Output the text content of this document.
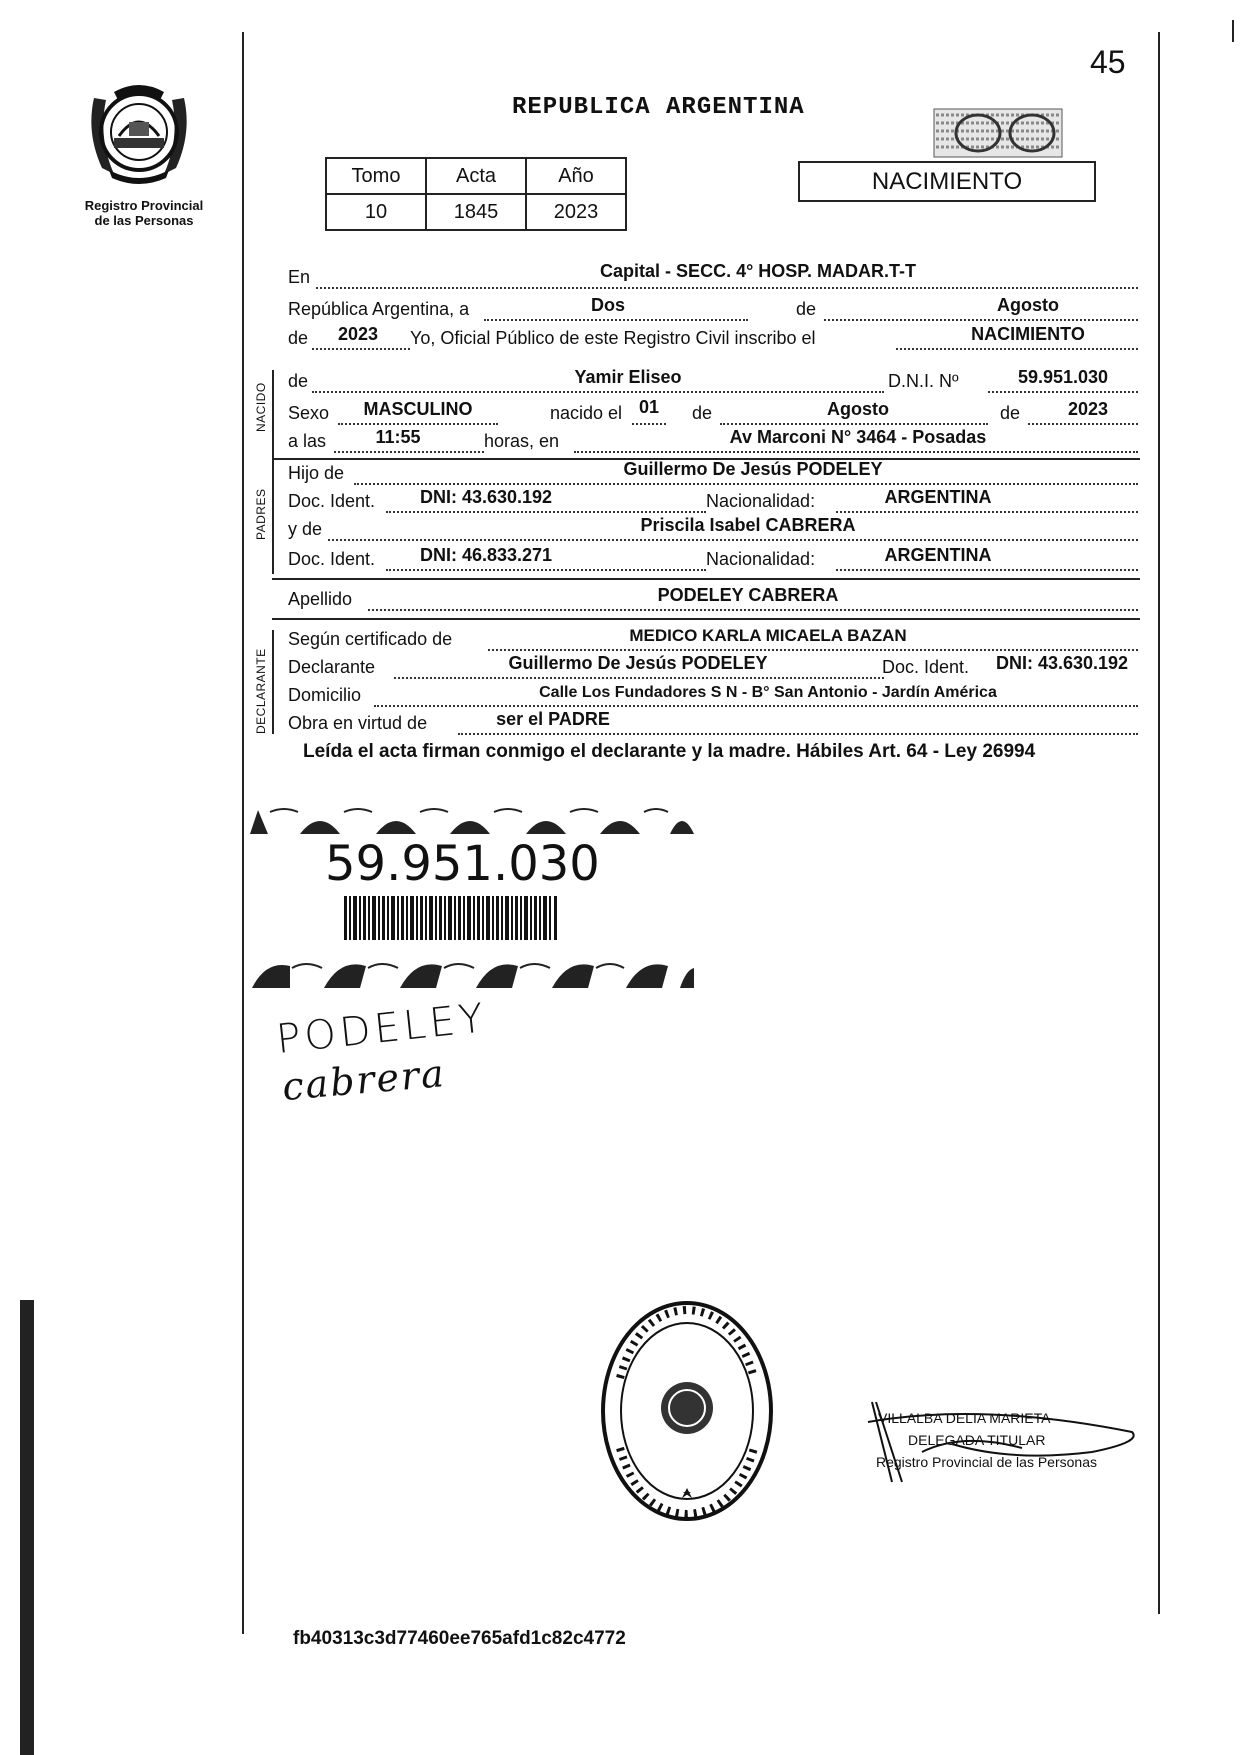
Registro Provincial
de las Personas
45
REPUBLICA ARGENTINA
Tomo	Acta	Año
10	1845	2023
NACIMIENTO
En	Capital - SECC. 4° HOSP. MADAR.T-T
República Argentina, a	Dos	de	Agosto
de	2023	Yo, Oficial Público de este Registro Civil inscribo el	NACIMIENTO
NACIDO
de	Yamir Eliseo	D.N.I. Nº	59.951.030
Sexo	MASCULINO	nacido el 01	de	Agosto	de	2023
a las	11:55	horas, en	Av Marconi N° 3464 - Posadas
PADRES
Hijo de	Guillermo De Jesús PODELEY
Doc. Ident.	DNI: 43.630.192	Nacionalidad:	ARGENTINA
y de	Priscila Isabel CABRERA
Doc. Ident.	DNI: 46.833.271	Nacionalidad:	ARGENTINA
Apellido	PODELEY CABRERA
DECLARANTE
Según certificado de	MEDICO KARLA MICAELA BAZAN
Declarante	Guillermo De Jesús PODELEY	Doc. Ident.	DNI: 43.630.192
Domicilio	Calle Los Fundadores S N - B° San Antonio - Jardín América
Obra en virtud de	ser el PADRE
Leída el acta firman conmigo el declarante y la madre. Hábiles Art. 64 - Ley 26994
59.951.030
PODELEY
cabrera
VILLALBA DELIA MARIETA
DELEGADA TITULAR
Registro Provincial de las Personas
fb40313c3d77460ee765afd1c82c4772
